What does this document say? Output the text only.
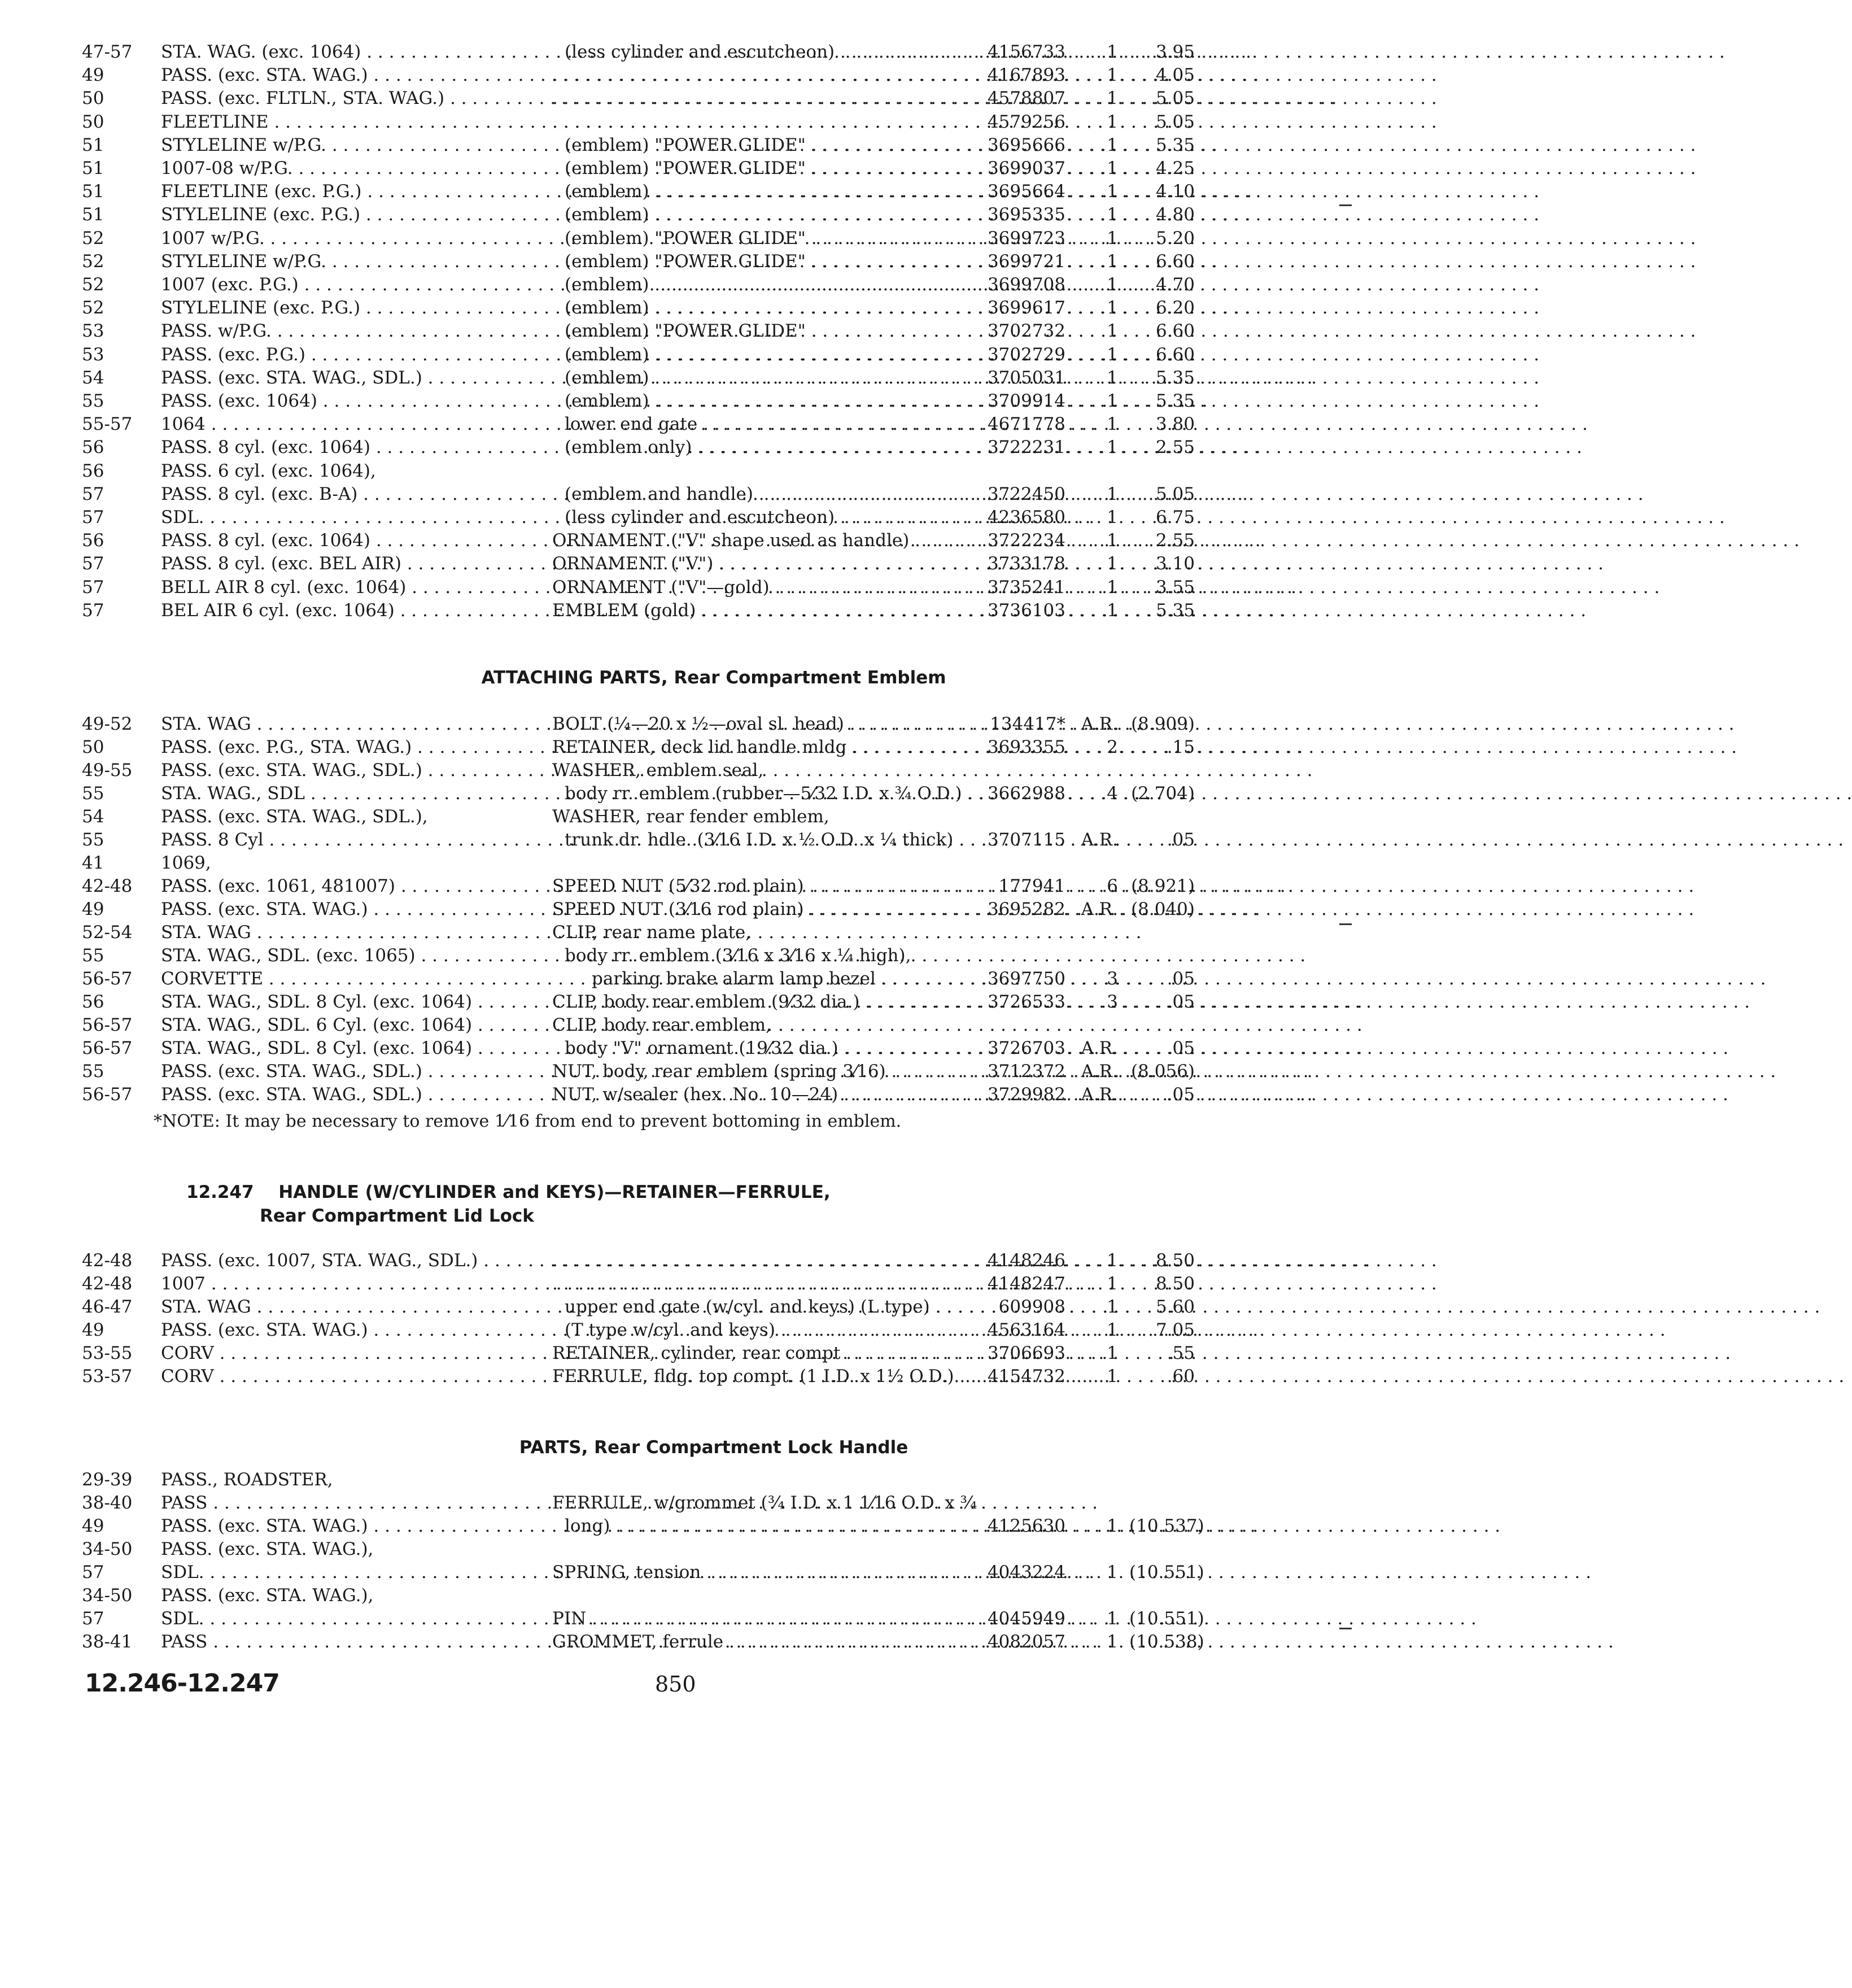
47-57	STA. WAG. (exc. 1064) . . .	(less cylinder and escutcheon) . . .	4156733	1	3.95
49	PASS. (exc. STA. WAG.) . . . . . .	4167893	1	4.05
50	PASS. (exc. FLTLN., STA. WAG.) . . . . . .	4578807	1	5.05
50	FLEETLINE . . . . . .	4579256	1	5.05
51	STYLELINE w/P.G. . . .	(emblem) "POWER GLIDE" . . .	3695666	1	5.35
51	1007-08 w/P.G. . . .	(emblem) "POWER GLIDE" . . .	3699037	1	4.25
51	FLEETLINE (exc. P.G.) . . .	(emblem) . . .	3695664	1	4.10
51	STYLELINE (exc. P.G.) . . .	(emblem) . . .	3695335	1	4.80
52	1007 w/P.G. . . .	(emblem) "POWER GLIDE" . . .	3699723	1	5.20
52	STYLELINE w/P.G. . . .	(emblem) "POWER GLIDE" . . .	3699721	1	6.60
52	1007 (exc. P.G.) . . .	(emblem) . . .	3699708	1	4.70
52	STYLELINE (exc. P.G.) . . .	(emblem) . . .	3699617	1	6.20
53	PASS. w/P.G. . . .	(emblem) "POWER GLIDE" . . .	3702732	1	6.60
53	PASS. (exc. P.G.) . . .	(emblem) . . .	3702729	1	6.60
54	PASS. (exc. STA. WAG., SDL.) . . .	(emblem) . . .	3705031	1	5.35
55	PASS. (exc. 1064) . . .	(emblem) . . .	3709914	1	5.35
55-57	1064 . . .	lower end gate . . .	4671778	1	3.80
56	PASS. 8 cyl. (exc. 1064) . . .	(emblem only) . . .	3722231	1	2.55
56	PASS. 6 cyl. (exc. 1064),
57	PASS. 8 cyl. (exc. B-A) . . .	(emblem and handle) . . .	3722450	1	5.05
57	SDL. . . .	(less cylinder and escutcheon) . . .	4236580	1	6.75
56	PASS. 8 cyl. (exc. 1064) . . .	ORNAMENT ("V" shape used as handle) . . .	3722234	1	2.55
57	PASS. 8 cyl. (exc. BEL AIR) . . .	ORNAMENT ("V") . . .	3733178	1	3.10
57	BELL AIR 8 cyl. (exc. 1064) . . .	ORNAMENT ("V"—gold) . . .	3735241	1	3.55
57	BEL AIR 6 cyl. (exc. 1064) . . .	EMBLEM (gold) . . .	3736103	1	5.35
ATTACHING PARTS, Rear Compartment Emblem
49-52	STA. WAG . . .	BOLT (¼—20 x ½—oval sl. head) . . .	134417* A.R. (8.909)
50	PASS. (exc. P.G., STA. WAG.) . . .	RETAINER, deck lid handle mldg . . .	3693355	2	.15
49-55	PASS. (exc. STA. WAG., SDL.) . . .	WASHER, emblem seal,
55	STA. WAG., SDL . . .	body rr. emblem (rubber—5⁄32 I.D. x ¾ O.D.) . . .	3662988	4 (2.704)
54	PASS. (exc. STA. WAG., SDL.),	WASHER, rear fender emblem,
55	PASS. 8 Cyl . . .	trunk dr. hdle. (3⁄16 I.D. x ½ O.D. x ¼ thick) . . .	3707115 A.R.	.05
41	1069,
42-48	PASS. (exc. 1061, 481007) . . .	SPEED NUT (5⁄32 rod plain) . . .	177941	6 (8.921)
49	PASS. (exc. STA. WAG.) . . .	SPEED NUT (3⁄16 rod plain) . . .	3695282 A.R. (8.040)
52-54	STA. WAG . . .	CLIP, rear name plate,
55	STA. WAG., SDL. (exc. 1065) . . .	body rr. emblem (3⁄16 x 3⁄16 x ¼ high),
56-57	CORVETTE . . .	parking brake alarm lamp bezel . . .	3697750	3	.05
56	STA. WAG., SDL. 8 Cyl. (exc. 1064) . . .	CLIP, body rear emblem (9⁄32 dia.) . . .	3726533	3	.05
56-57	STA. WAG., SDL. 6 Cyl. (exc. 1064) . . .	CLIP, body rear emblem,
56-57	STA. WAG., SDL. 8 Cyl. (exc. 1064) . . .	body "V" ornament (19⁄32 dia.) . . .	3726703 A.R.	.05
55	PASS. (exc. STA. WAG., SDL.) . . .	NUT, body, rear emblem (spring 3⁄16) . . .	3712372 A.R. (8.056)
56-57	PASS. (exc. STA. WAG., SDL.) . . .	NUT, w/sealer (hex. No. 10—24) . . .	3729982 A.R.	.05
*NOTE: It may be necessary to remove 1⁄16 from end to prevent bottoming in emblem.
12.247 HANDLE (W/CYLINDER and KEYS)—RETAINER—FERRULE,
Rear Compartment Lid Lock
42-48	PASS. (exc. 1007, STA. WAG., SDL.) . . . . . .	4148246	1	8.50
42-48	1007 . . . . . .	4148247	1	8.50
46-47	STA. WAG . . .	upper end gate (w/cyl. and keys) (L type) . . .	609908	1	5.60
49	PASS. (exc. STA. WAG.) . . .	(T type w/cyl. and keys) . . .	4563164	1	7.05
53-55	CORV . . .	RETAINER, cylinder, rear compt . . .	3706693	1	.55
53-57	CORV . . .	FERRULE, fldg. top compt. (1 I.D. x 1½ O.D.) . . .	4154732	1	.60
PARTS, Rear Compartment Lock Handle
29-39	PASS., ROADSTER,
38-40	PASS . . .	FERRULE, w/grommet (¾ I.D. x 1 1⁄16 O.D. x ¾
49	PASS. (exc. STA. WAG.) . . .	long) . . .	4125630	1 (10.537)
34-50	PASS. (exc. STA. WAG.),
57	SDL. . . .	SPRING, tension . . .	4043224	1 (10.551)
34-50	PASS. (exc. STA. WAG.),
57	SDL. . . .	PIN . . .	4045949	1 (10.551)
38-41	PASS . . .	GROMMET, ferrule . . .	4082057	1 (10.538)
12.246-12.247	850
